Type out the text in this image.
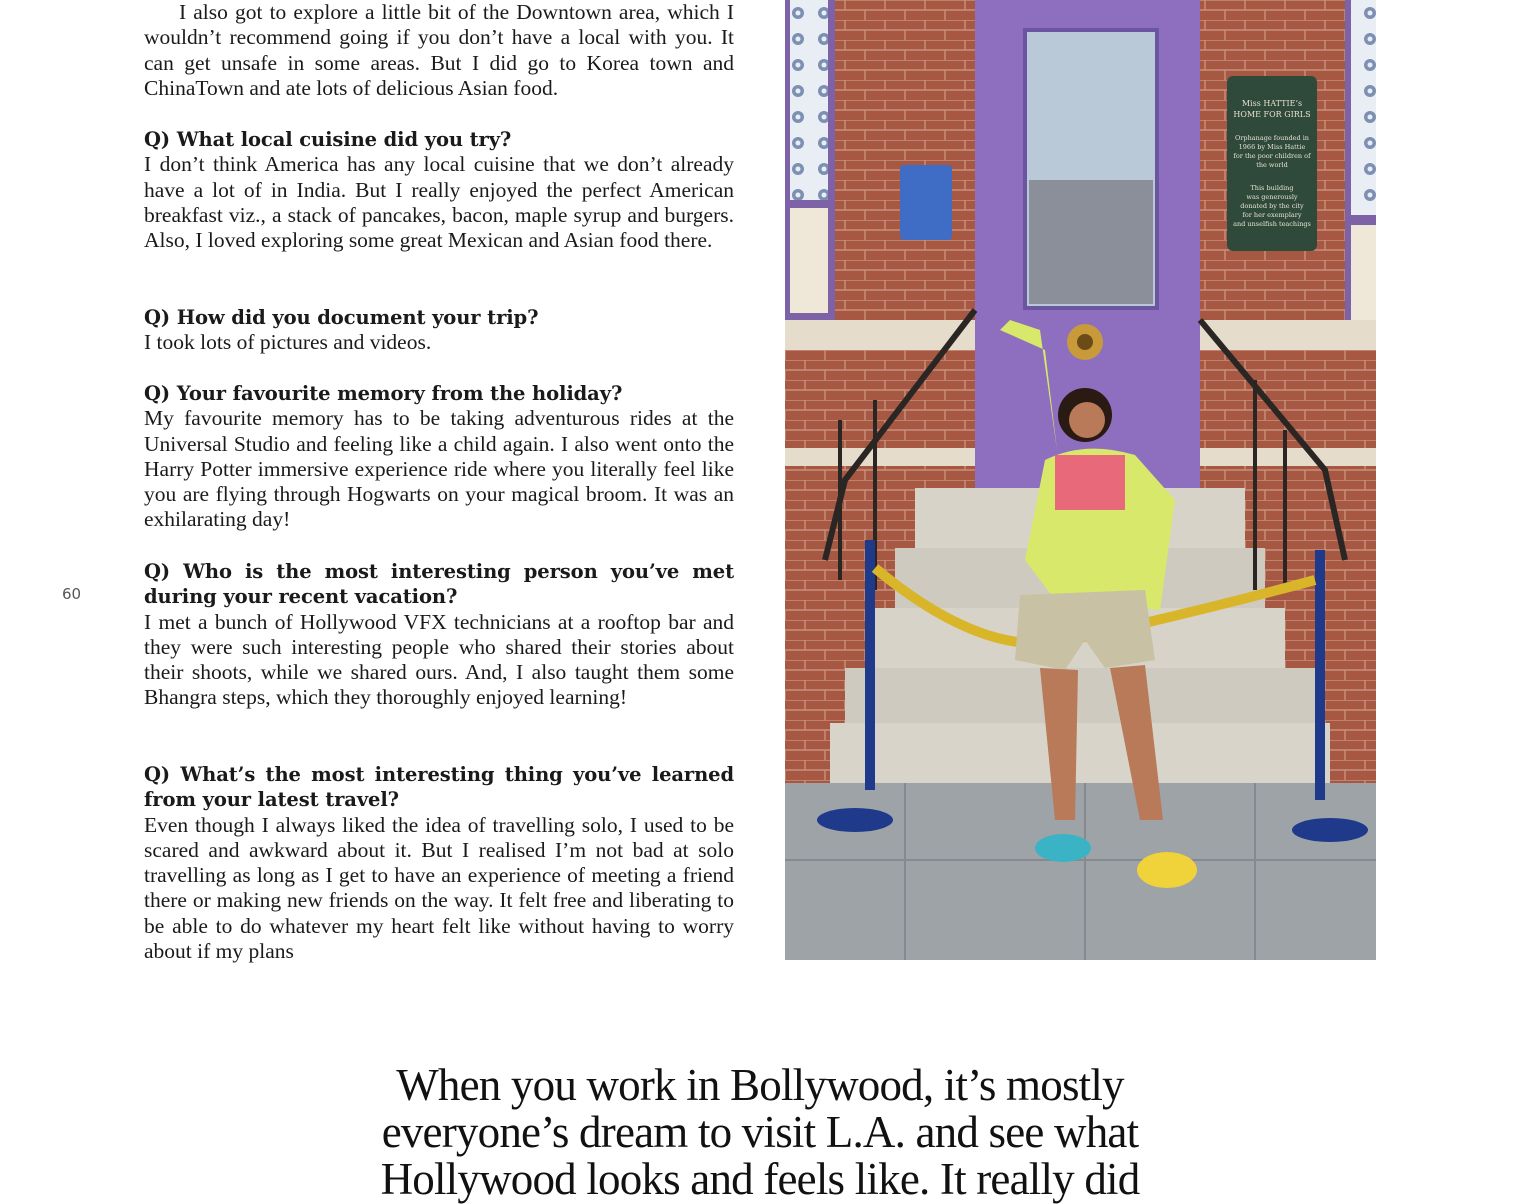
I also got to explore a little bit of the Downtown area, which I wouldn’t recommend going if you don’t have a local with you. It can get unsafe in some areas. But I did go to Korea town and ChinaTown and ate lots of delicious Asian food.

Q) What local cuisine did you try?

I don’t think America has any local cuisine that we don’t already have a lot of in India. But I really enjoyed the perfect American breakfast viz., a stack of pancakes, bacon, maple syrup and burgers. Also, I loved exploring some great Mexican and Asian food there.

Q) How did you document your trip?

I took lots of pictures and videos.

Q) Your favourite memory from the holiday?

My favourite memory has to be taking adventurous rides at the Universal Studio and feeling like a child again. I also went onto the Harry Potter immersive experience ride where you literally feel like you are flying through Hogwarts on your magical broom. It was an exhilarating day!

Q) Who is the most interesting person you’ve met during your recent vacation?

I met a bunch of Hollywood VFX technicians at a rooftop bar and they were such interesting people who shared their stories about their shoots, while we shared ours. And, I also taught them some Bhangra steps, which they thoroughly enjoyed learning!

Q) What’s the most interesting thing you’ve learned from your latest travel?

Even though I always liked the idea of travelling solo, I used to be scared and awkward about it. But I realised I’m not bad at solo travelling as long as I get to have an experience of meeting a friend there or making new friends on the way. It felt free and liberating to be able to do whatever my heart felt like without having to worry about if my plans

60
Miss HATTIE’s
HOME FOR GIRLS
Orphanage founded in
1966 by Miss Hattie
for the poor children of
the world
This building
was generously
donated by the city
for her exemplary
and unselfish teachings
When you work in Bollywood, it’s mostly
everyone’s dream to visit L.A. and see what
Hollywood looks and feels like. It really did
